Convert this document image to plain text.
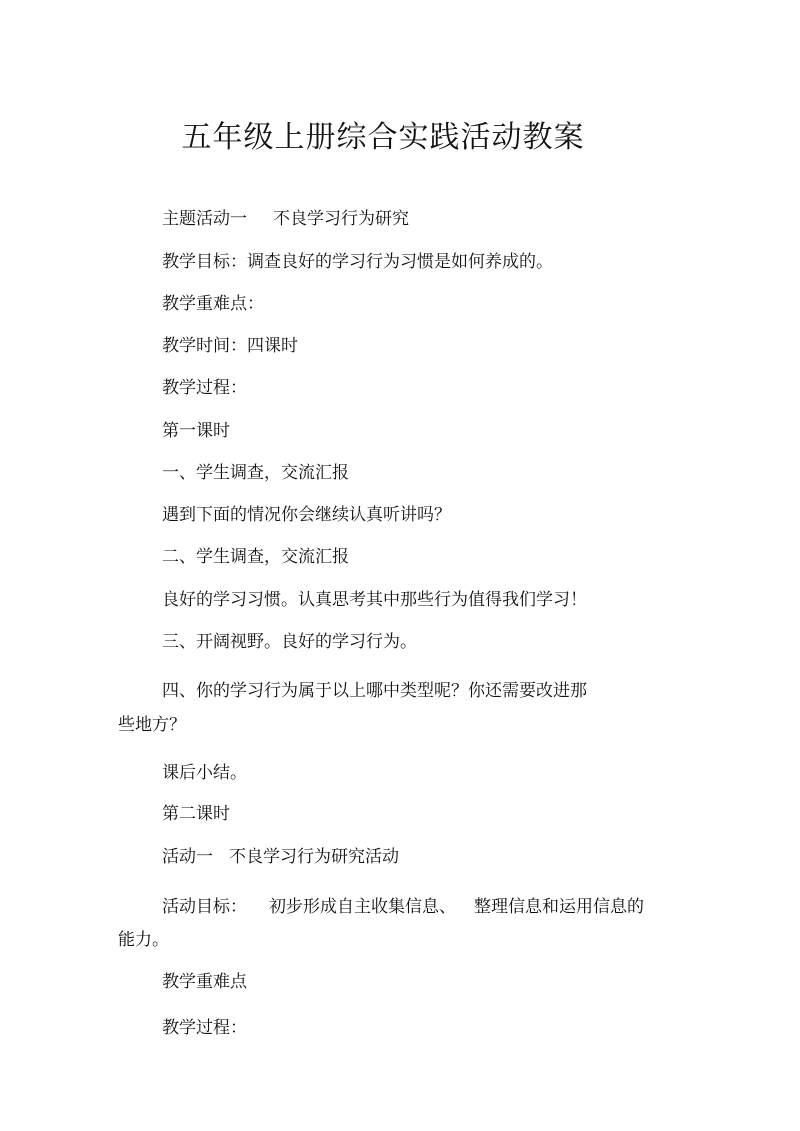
五年级上册综合实践活动教案
主题活动一 不良学习行为研究
教学目标：调查良好的学习行为习惯是如何养成的。
教学重难点：
教学时间：四课时
教学过程：
第一课时
一、学生调查，交流汇报
遇到下面的情况你会继续认真听讲吗？
二、学生调查，交流汇报
良好的学习习惯。认真思考其中那些行为值得我们学习！
三、开阔视野。良好的学习行为。
四、你的学习行为属于以上哪中类型呢？你还需要改进那
些地方？
课后小结。
第二课时
活动一 不良学习行为研究活动
活动目标： 初步形成自主收集信息、 整理信息和运用信息的
能力。
教学重难点
教学过程：
